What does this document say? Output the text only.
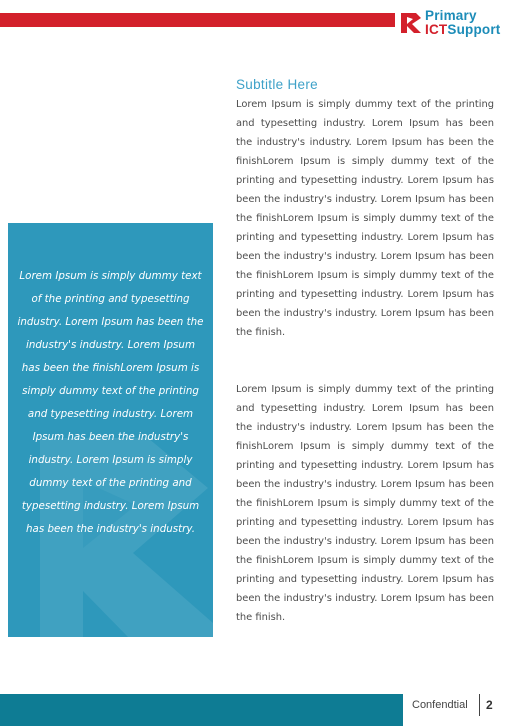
Primary
ICTSupport
Subtitle Here

Lorem Ipsum is simply dummy text of the printing and typesetting industry. Lorem Ipsum has been the industry's industry. Lorem Ipsum has been the finishLorem Ipsum is simply dummy text of the printing and typesetting industry. Lorem Ipsum has been the industry's industry. Lorem Ipsum has been the finishLorem Ipsum is simply dummy text of the printing and typesetting industry. Lorem Ipsum has been the industry's industry. Lorem Ipsum has been the finishLorem Ipsum is simply dummy text of the printing and typesetting industry. Lorem Ipsum has been the industry's industry. Lorem Ipsum has been the finish.

Lorem Ipsum is simply dummy text of the printing and typesetting industry. Lorem Ipsum has been the industry's industry. Lorem Ipsum has been the finishLorem Ipsum is simply dummy text of the printing and typesetting industry. Lorem Ipsum has been the industry's industry. Lorem Ipsum has been the finishLorem Ipsum is simply dummy text of the printing and typesetting industry. Lorem Ipsum has been the industry's industry. Lorem Ipsum has been the finishLorem Ipsum is simply dummy text of the printing and typesetting industry. Lorem Ipsum has been the industry's industry. Lorem Ipsum has been the finish.

Lorem Ipsum is simply dummy text of the printing and typesetting industry. Lorem Ipsum has been the industry's industry. Lorem Ipsum has been the finishLorem Ipsum is simply dummy text of the printing and typesetting industry. Lorem Ipsum has been the industry's industry. Lorem Ipsum is simply dummy text of the printing and typesetting industry. Lorem Ipsum has been the industry's industry.

Confendtial 2
